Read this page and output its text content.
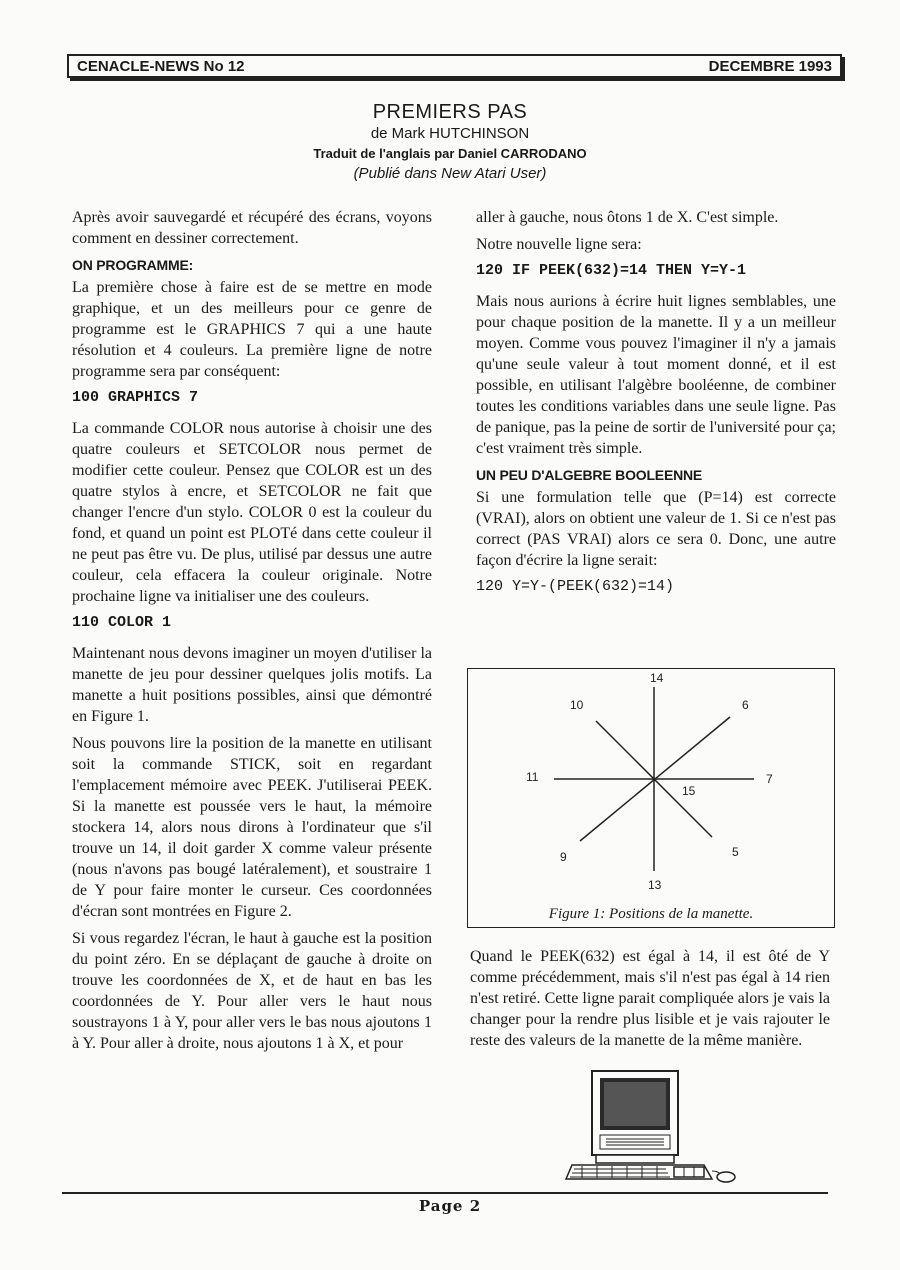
CENACLE-NEWS No 12	DECEMBRE 1993
PREMIERS PAS
de Mark HUTCHINSON
Traduit de l'anglais par Daniel CARRODANO
(Publié dans New Atari User)

Après avoir sauvegardé et récupéré des écrans, voyons comment en dessiner correctement.

ON PROGRAMME:

La première chose à faire est de se mettre en mode graphique, et un des meilleurs pour ce genre de programme est le GRAPHICS 7 qui a une haute résolution et 4 couleurs. La première ligne de notre programme sera par conséquent:

100 GRAPHICS 7

La commande COLOR nous autorise à choisir une des quatre couleurs et SETCOLOR nous permet de modifier cette couleur. Pensez que COLOR est un des quatre stylos à encre, et SETCOLOR ne fait que changer l'encre d'un stylo. COLOR 0 est la couleur du fond, et quand un point est PLOTé dans cette couleur il ne peut pas être vu. De plus, utilisé par dessus une autre couleur, cela effacera la couleur originale. Notre prochaine ligne va initialiser une des couleurs.

110 COLOR 1

Maintenant nous devons imaginer un moyen d'utiliser la manette de jeu pour dessiner quelques jolis motifs. La manette a huit positions possibles, ainsi que démontré en Figure 1.

Nous pouvons lire la position de la manette en utilisant soit la commande STICK, soit en regardant l'emplacement mémoire avec PEEK. J'utiliserai PEEK. Si la manette est poussée vers le haut, la mémoire stockera 14, alors nous dirons à l'ordinateur que s'il trouve un 14, il doit garder X comme valeur présente (nous n'avons pas bougé latéralement), et soustraire 1 de Y pour faire monter le curseur. Ces coordonnées d'écran sont montrées en Figure 2.

Si vous regardez l'écran, le haut à gauche est la position du point zéro. En se déplaçant de gauche à droite on trouve les coordonnées de X, et de haut en bas les coordonnées de Y. Pour aller vers le haut nous soustrayons 1 à Y, pour aller vers le bas nous ajoutons 1 à Y. Pour aller à droite, nous ajoutons 1 à X, et pour

aller à gauche, nous ôtons 1 de X. C'est simple.

Notre nouvelle ligne sera:

120 IF PEEK(632)=14 THEN Y=Y-1

Mais nous aurions à écrire huit lignes semblables, une pour chaque position de la manette. Il y a un meilleur moyen. Comme vous pouvez l'imaginer il n'y a jamais qu'une seule valeur à tout moment donné, et il est possible, en utilisant l'algèbre booléenne, de combiner toutes les conditions variables dans une seule ligne. Pas de panique, pas la peine de sortir de l'université pour ça; c'est vraiment très simple.

UN PEU D'ALGEBRE BOOLEENNE

Si une formulation telle que (P=14) est correcte (VRAI), alors on obtient une valeur de 1. Si ce n'est pas correct (PAS VRAI) alors ce sera 0. Donc, une autre façon d'écrire la ligne serait:

120 Y=Y-(PEEK(632)=14)
14
10	6
11	7
15
9	5
13
Figure 1: Positions de la manette.

Quand le PEEK(632) est égal à 14, il est ôté de Y comme précédemment, mais s'il n'est pas égal à 14 rien n'est retiré. Cette ligne parait compliquée alors je vais la changer pour la rendre plus lisible et je vais rajouter le reste des valeurs de la manette de la même manière.

Page 2
